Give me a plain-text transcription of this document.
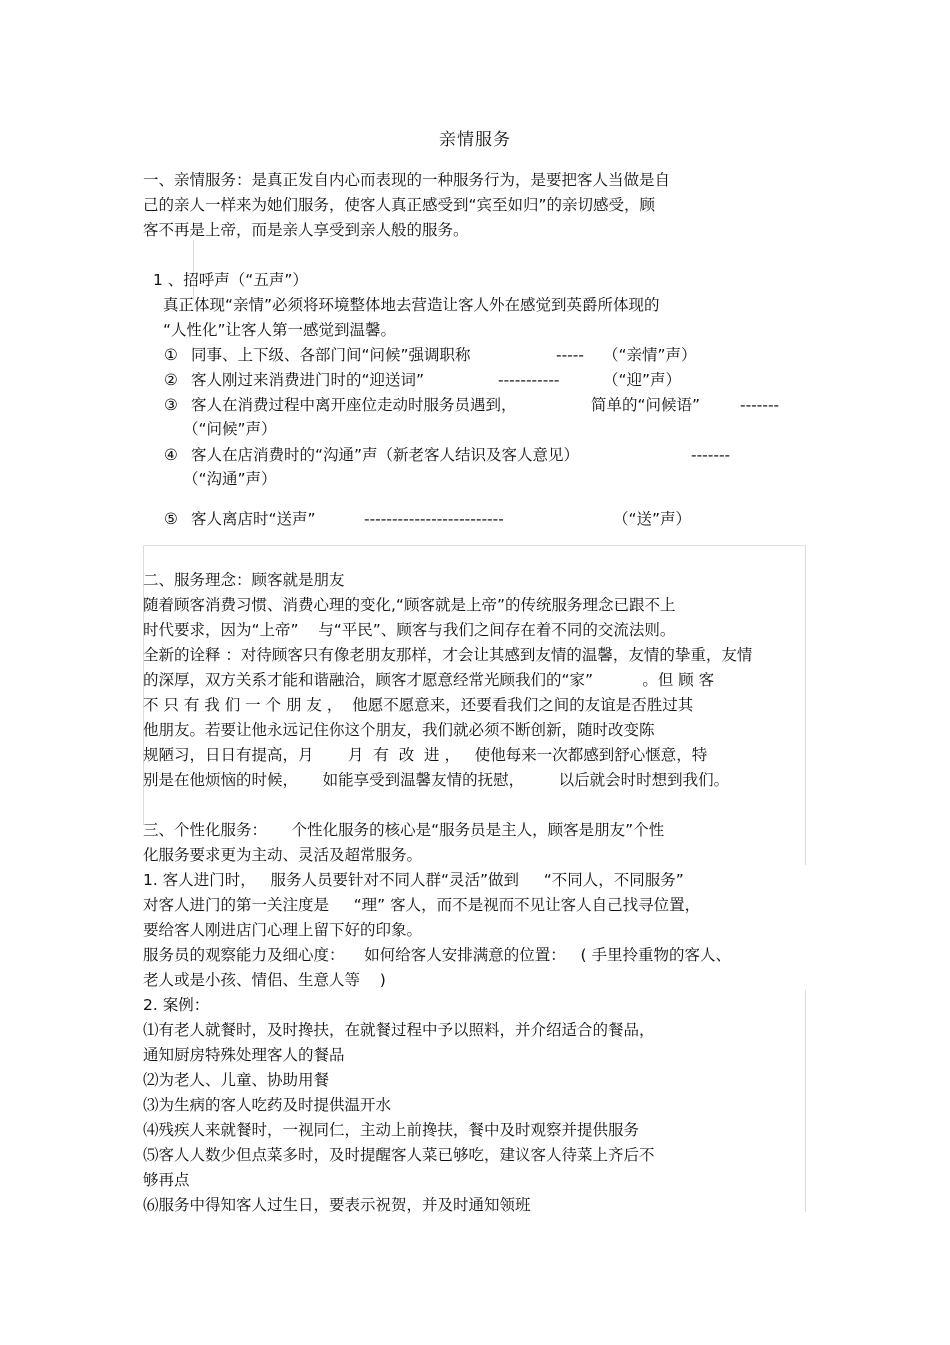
亲情服务
一、亲情服务：是真正发自内心而表现的一种服务行为，是要把客人当做是自
己的亲人一样来为她们服务，使客人真正感受到“宾至如归”的亲切感受，顾
客不再是上帝，而是亲人享受到亲人般的服务。
1 、招呼声（“五声”）
真正体现“亲情”必须将环境整体地去营造让客人外在感觉到英爵所体现的
“人性化”让客人第一感觉到温馨。
① 同事、上下级、各部门间“问候”强调职称	----- （“亲情”声）
② 客人刚过来消费进门时的“迎送词”	-----------	（“迎”声）
③ 客人在消费过程中离开座位走动时服务员遇到，	简单的“问候语”	-------
（“问候”声）
④ 客人在店消费时的“沟通”声（新老客人结识及客人意见）	-------
（“沟通”声）
⑤ 客人离店时“送声”	-------------------------	（“送”声）
二、服务理念：顾客就是朋友
随着顾客消费习惯、消费心理的变化,“顾客就是上帝”的传统服务理念已跟不上
时代要求，因为“上帝”    与“平民”、顾客与我们之间存在着不同的交流法则。
全新的诠释 ：对待顾客只有像老朋友那样，才会让其感到友情的温馨，友情的挚重，友情
的深厚，双方关系才能和谐融洽，顾客才愿意经常光顾我们的“家”          。但 顾 客
不 只 有 我 们 一 个 朋 友 ，  他愿不愿意来，还要看我们之间的友谊是否胜过其
他朋友。若要让他永远记住你这个朋友，我们就必须不断创新，随时改变陈
规陋习，日日有提高，月       月  有  改  进 ，   使他每来一次都感到舒心惬意，特
别是在他烦恼的时候，     如能享受到温馨友情的抚慰，       以后就会时时想到我们。
三、个性化服务：     个性化服务的核心是“服务员是主人，顾客是朋友”个性
化服务要求更为主动、灵活及超常服务。
1. 客人进门时，   服务人员要针对不同人群“灵活”做到     “不同人，不同服务”
对客人进门的第一关注度是     “理” 客人，而不是视而不见让客人自己找寻位置，
要给客人刚进店门心理上留下好的印象。
服务员的观察能力及细心度：    如何给客人安排满意的位置：   ( 手里拎重物的客人、
老人或是小孩、情侣、生意人等    )
2. 案例：
⑴有老人就餐时，及时搀扶，在就餐过程中予以照料，并介绍适合的餐品，
通知厨房特殊处理客人的餐品
⑵为老人、儿童、协助用餐
⑶为生病的客人吃药及时提供温开水
⑷残疾人来就餐时，一视同仁，主动上前搀扶，餐中及时观察并提供服务
⑸客人人数少但点菜多时，及时提醒客人菜已够吃，建议客人待菜上齐后不
够再点
⑹服务中得知客人过生日，要表示祝贺，并及时通知领班
